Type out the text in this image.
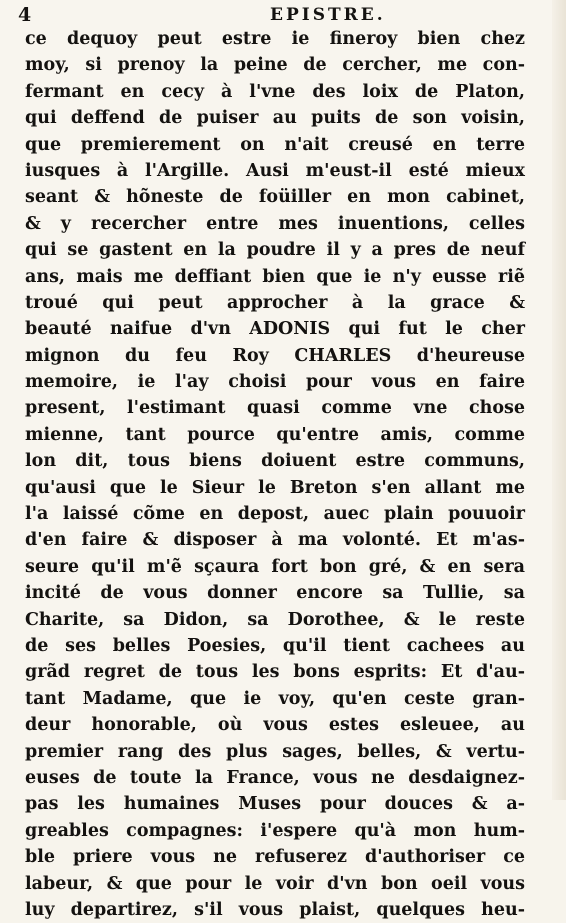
4	EPISTRE.
ce dequoy peut estre ie fineroy bien chez
moy, si prenoy la peine de cercher, me con-
fermant en cecy à l'vne des loix de Platon,
qui deffend de puiser au puits de son voisin,
que premierement on n'ait creusé en terre
iusques à l'Argille. Ausi m'eust-il esté mieux
seant & hõneste de foüiller en mon cabinet,
& y recercher entre mes inuentions, celles
qui se gastent en la poudre il y a pres de neuf
ans, mais me deffiant bien que ie n'y eusse riẽ
troué qui peut approcher à la grace &
beauté naifue d'vn ADONIS qui fut le cher
mignon du feu Roy CHARLES d'heureuse
memoire, ie l'ay choisi pour vous en faire
present, l'estimant quasi comme vne chose
mienne, tant pource qu'entre amis, comme
lon dit, tous biens doiuent estre communs,
qu'ausi que le Sieur le Breton s'en allant me
l'a laissé cõme en depost, auec plain pouuoir
d'en faire & disposer à ma volonté. Et m'as-
seure qu'il m'ẽ sçaura fort bon gré, & en sera
incité de vous donner encore sa Tullie, sa
Charite, sa Didon, sa Dorothee, & le reste
de ses belles Poesies, qu'il tient cachees au
grãd regret de tous les bons esprits: Et d'au-
tant Madame, que ie voy, qu'en ceste gran-
deur honorable, où vous estes esleuee, au
premier rang des plus sages, belles, & vertu-
euses de toute la France, vous ne desdaignez-
pas les humaines Muses pour douces & a-
greables compagnes: i'espere qu'à mon hum-
ble priere vous ne refuserez d'authoriser ce
labeur, & que pour le voir d'vn bon oeil vous
luy departirez, s'il vous plaist, quelques heu-
